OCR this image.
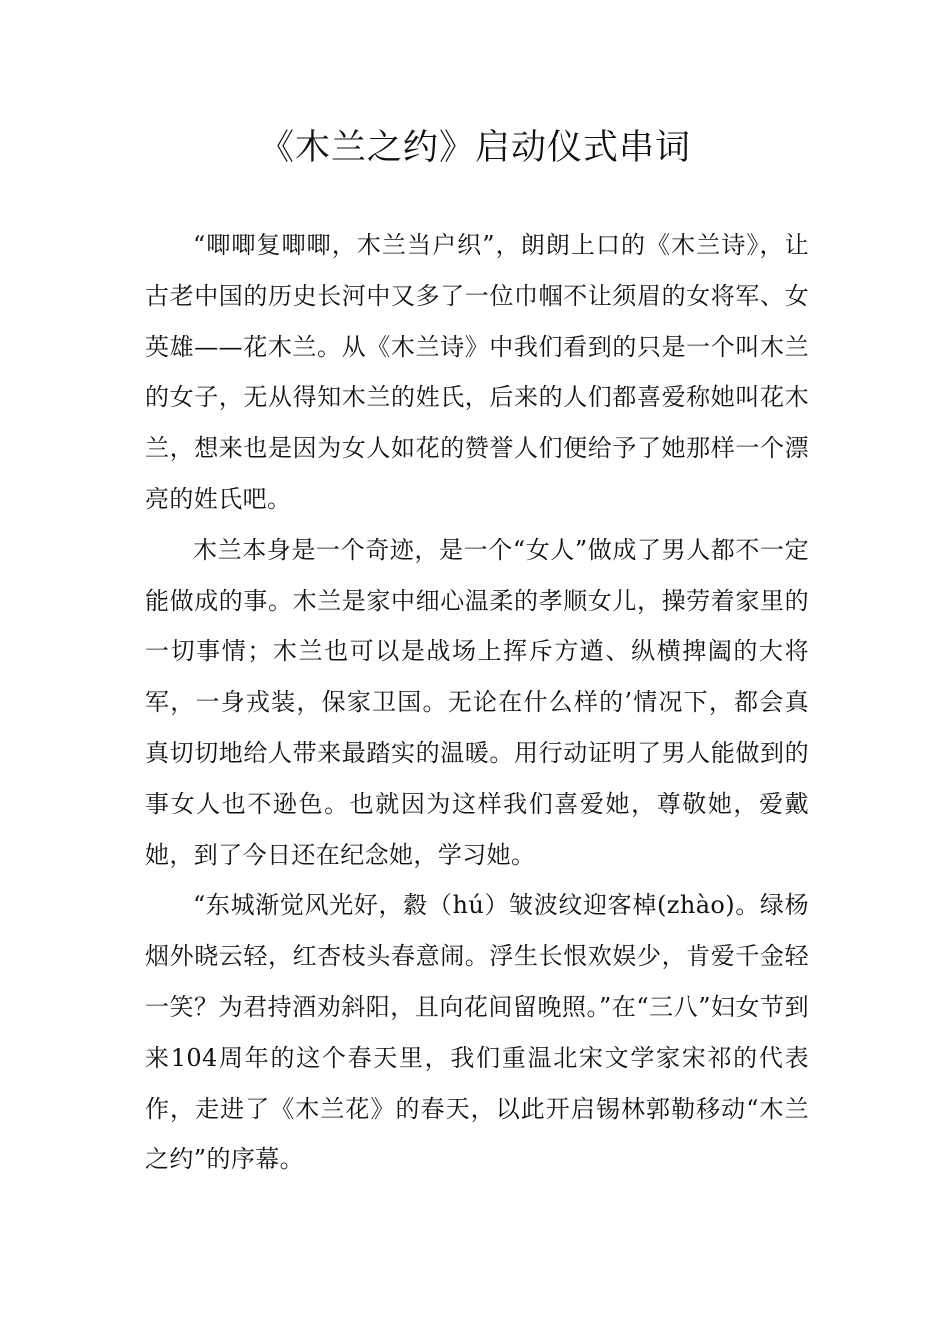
《木兰之约》启动仪式串词

“唧唧复唧唧，木兰当户织”，朗朗上口的《木兰诗》，让古老中国的历史长河中又多了一位巾帼不让须眉的女将军、女英雄——花木兰。从《木兰诗》中我们看到的只是一个叫木兰的女子，无从得知木兰的姓氏，后来的人们都喜爱称她叫花木兰，想来也是因为女人如花的赞誉人们便给予了她那样一个漂亮的姓氏吧。

木兰本身是一个奇迹，是一个“女人”做成了男人都不一定能做成的事。木兰是家中细心温柔的孝顺女儿，操劳着家里的一切事情；木兰也可以是战场上挥斥方遒、纵横捭阖的大将军，一身戎装，保家卫国。无论在什么样的’情况下，都会真真切切地给人带来最踏实的温暖。用行动证明了男人能做到的事女人也不逊色。也就因为这样我们喜爱她，尊敬她，爱戴她，到了今日还在纪念她，学习她。

“东城渐觉风光好，縠（hú）皱波纹迎客棹(zhào)。绿杨烟外晓云轻，红杏枝头春意闹。浮生长恨欢娱少，肯爱千金轻一笑？为君持酒劝斜阳，且向花间留晚照。”在“三八”妇女节到来104周年的这个春天里，我们重温北宋文学家宋祁的代表作，走进了《木兰花》的春天，以此开启锡林郭勒移动“木兰之约”的序幕。
